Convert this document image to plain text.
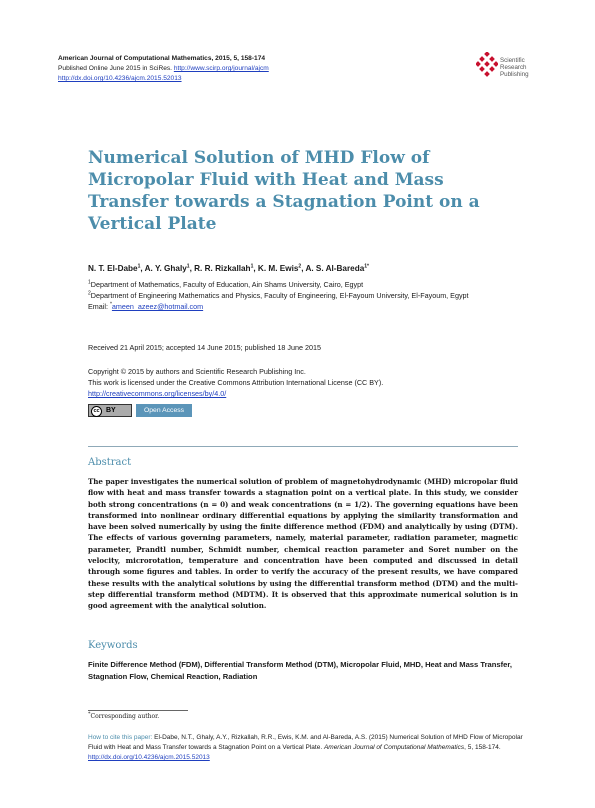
American Journal of Computational Mathematics, 2015, 5, 158-174
Published Online June 2015 in SciRes. http://www.scirp.org/journal/ajcm
http://dx.doi.org/10.4236/ajcm.2015.52013
Scientific
Research
Publishing
Numerical Solution of MHD Flow of Micropolar Fluid with Heat and Mass Transfer towards a Stagnation Point on a Vertical Plate
N. T. El-Dabe$^1$, A. Y. Ghaly$^1$, R. R. Rizkallah$^1$, K. M. Ewis$^2$, A. S. Al-Bareda$^{1*}$
$^1$Department of Mathematics, Faculty of Education, Ain Shams University, Cairo, Egypt
$^2$Department of Engineering Mathematics and Physics, Faculty of Engineering, El-Fayoum University, El-Fayoum, Egypt
Email: *ameen_azeez@hotmail.com
Received 21 April 2015; accepted 14 June 2015; published 18 June 2015
Copyright © 2015 by authors and Scientific Research Publishing Inc.
This work is licensed under the Creative Commons Attribution International License (CC BY).
http://creativecommons.org/licenses/by/4.0/
cc BY	Open Access
Abstract

The paper investigates the numerical solution of problem of magnetohydrodynamic (MHD) micropolar fluid flow with heat and mass transfer towards a stagnation point on a vertical plate. In this study, we consider both strong concentrations (n = 0) and weak concentrations (n = 1/2). The governing equations have been transformed into nonlinear ordinary differential equations by applying the similarity transformation and have been solved numerically by using the finite difference method (FDM) and analytically by using (DTM). The effects of various governing parameters, namely, material parameter, radiation parameter, magnetic parameter, Prandtl number, Schmidt number, chemical reaction parameter and Soret number on the velocity, microrotation, temperature and concentration have been computed and discussed in detail through some figures and tables. In order to verify the accuracy of the present results, we have compared these results with the analytical solutions by using the differential transform method (DTM) and the multi-step differential transform method (MDTM). It is observed that this approximate numerical solution is in good agreement with the analytical solution.

Keywords

Finite Difference Method (FDM), Differential Transform Method (DTM), Micropolar Fluid, MHD, Heat and Mass Transfer, Stagnation Flow, Chemical Reaction, Radiation

*Corresponding author.
How to cite this paper: El-Dabe, N.T., Ghaly, A.Y., Rizkallah, R.R., Ewis, K.M. and Al-Bareda, A.S. (2015) Numerical Solution of MHD Flow of Micropolar Fluid with Heat and Mass Transfer towards a Stagnation Point on a Vertical Plate. American Journal of Computational Mathematics, 5, 158-174. http://dx.doi.org/10.4236/ajcm.2015.52013
